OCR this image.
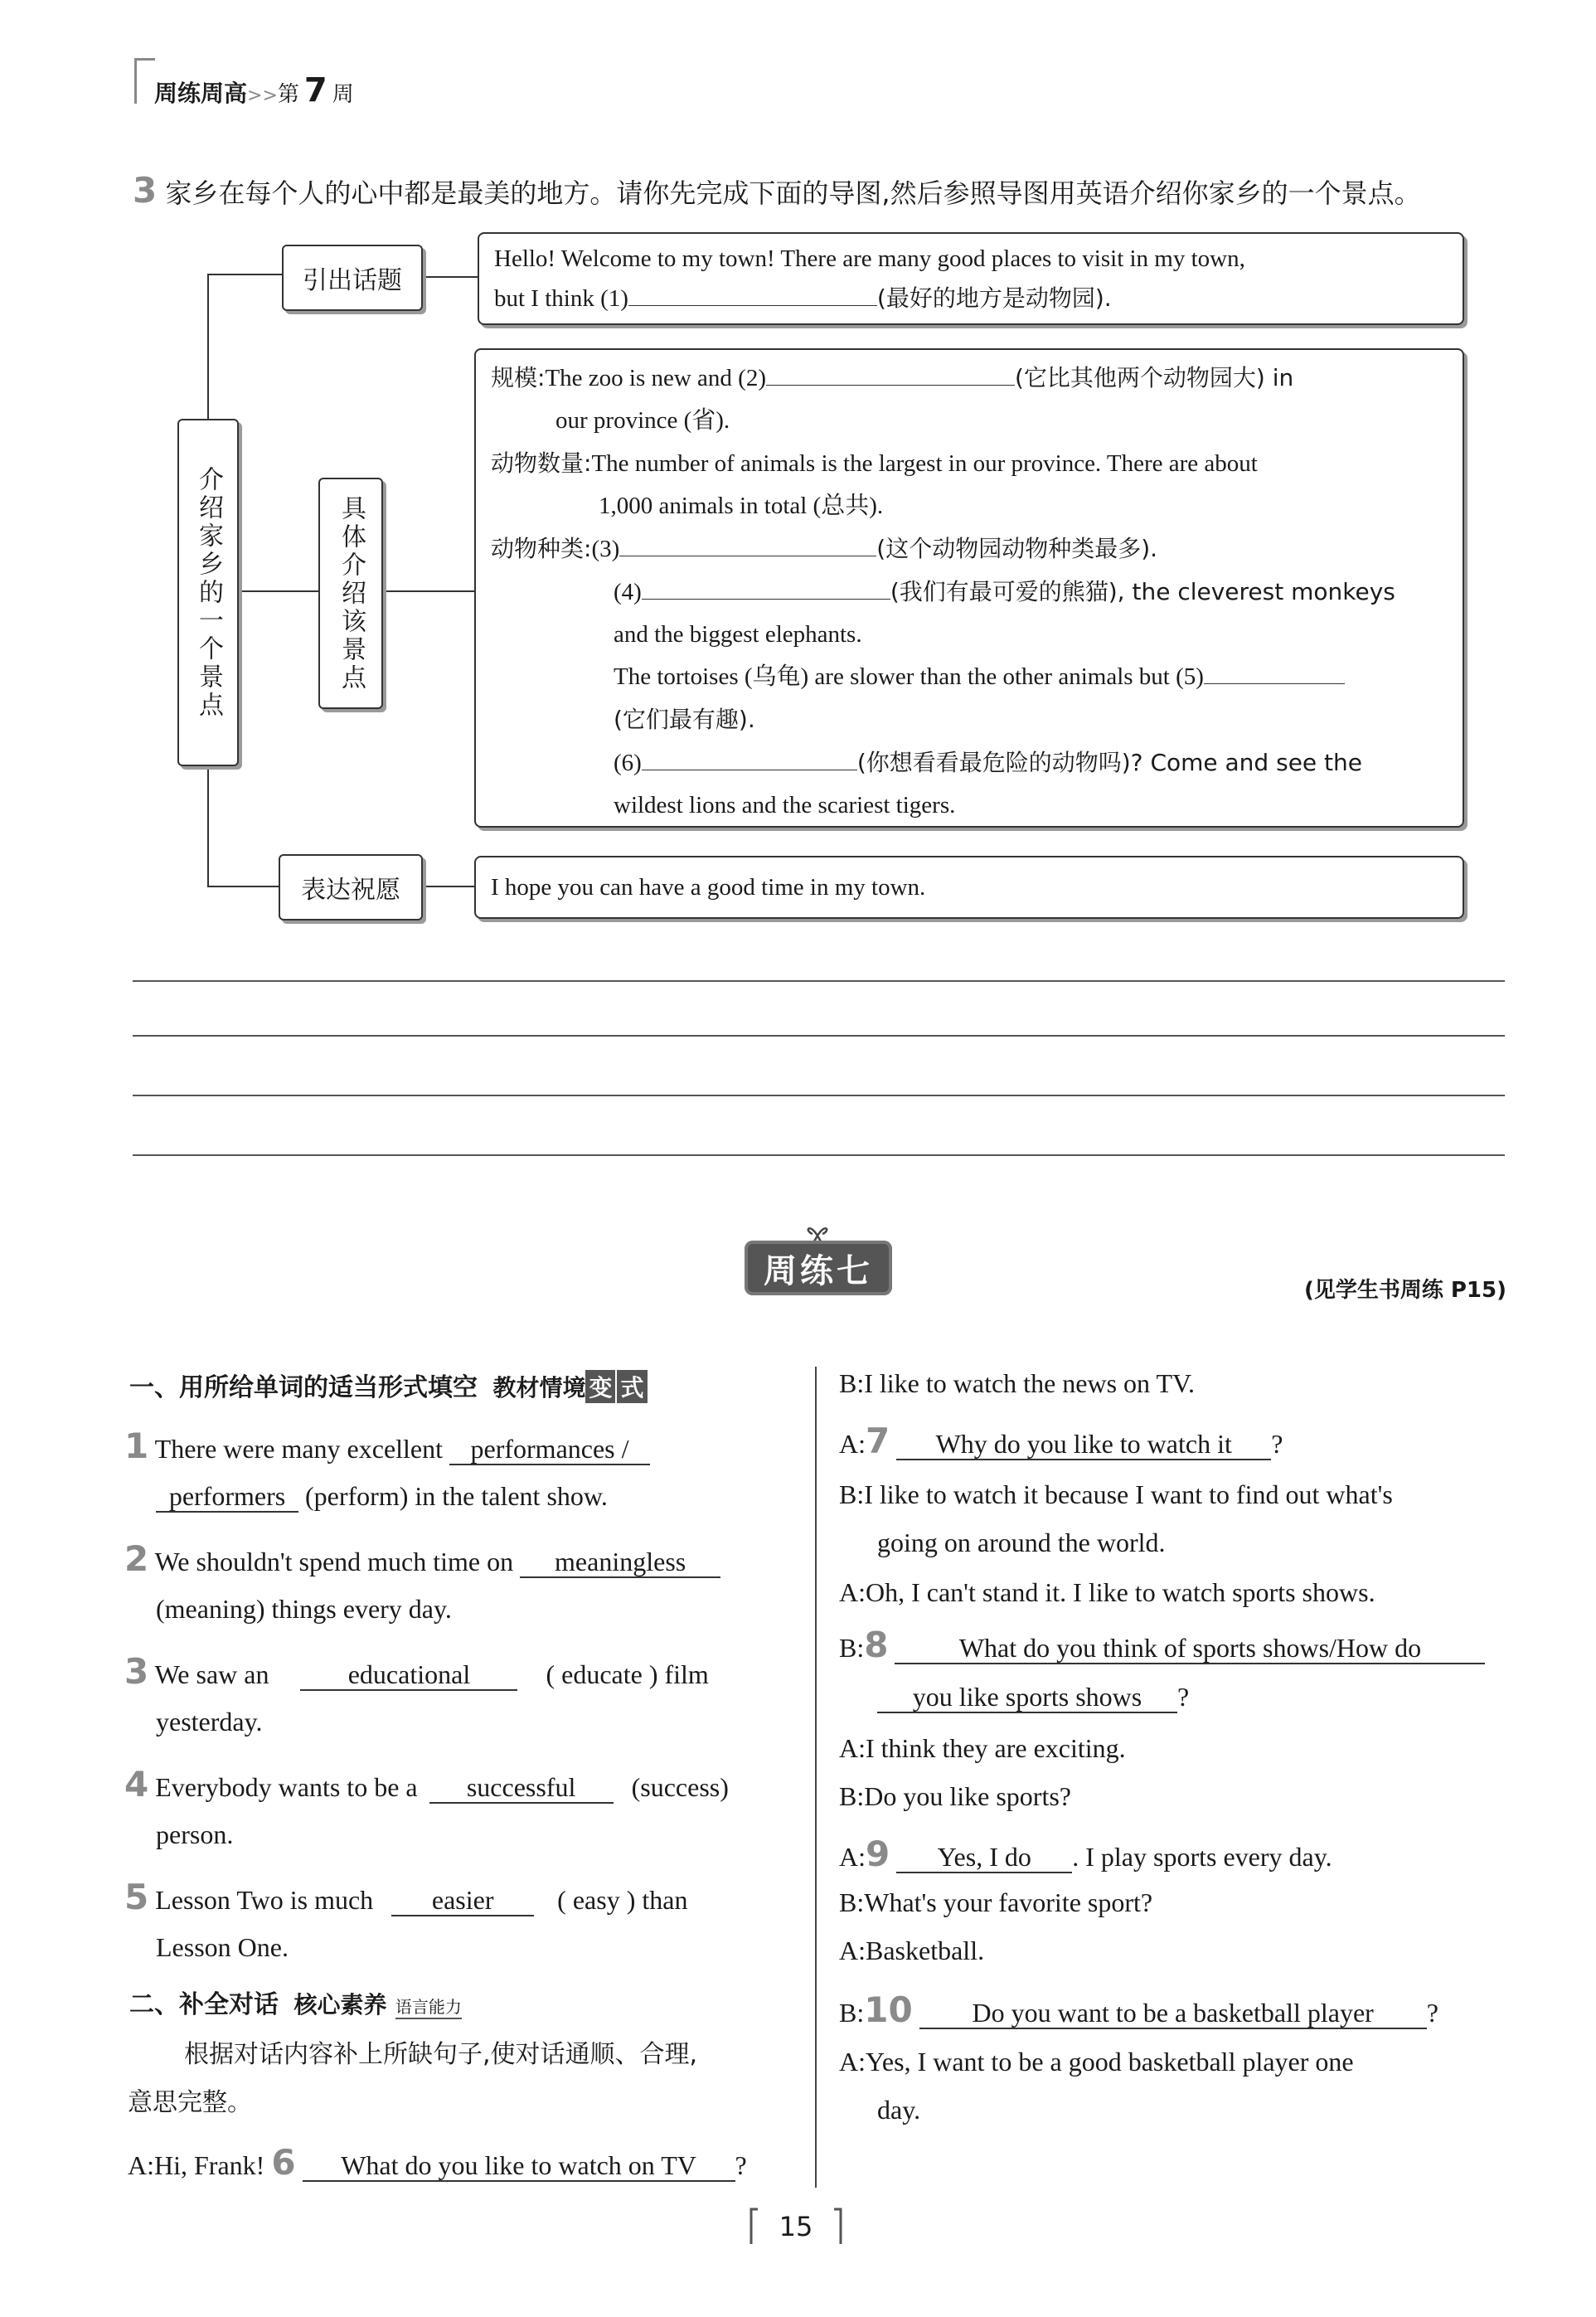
周练周高>>第 7 周
3 家乡在每个人的心中都是最美的地方。请你先完成下面的导图,然后参照导图用英语介绍你家乡的一个景点。
引出话题
介绍家乡的一个景点	具体介绍该景点
表达祝愿
Hello! Welcome to my town! There are many good places to visit in my town,
but I think (1)	(最好的地方是动物园).
规模:The zoo is new and (2)	(它比其他两个动物园大) in
our province (省).
动物数量:The number of animals is the largest in our province. There are about
1,000 animals in total (总共).
动物种类:(3)	(这个动物园动物种类最多).
(4)	(我们有最可爱的熊猫), the cleverest monkeys
and the biggest elephants.
The tortoises (乌龟) are slower than the other animals but (5)
(它们最有趣).
(6)	(你想看看最危险的动物吗)? Come and see the
wildest lions and the scariest tigers.
I hope you can have a good time in my town.
周练七
(见学生书周练 P15)
一、用所给单词的适当形式填空 教材情境 变 式
1 There were many excellent performances /
performers (perform) in the talent show.
2 We shouldn't spend much time on meaningless
(meaning) things every day.
3 We saw an	educational	( educate ) film
yesterday.
4 Everybody wants to be a successful (success)
person.
5 Lesson Two is much easier ( easy ) than
Lesson One.
二、补全对话 核心素养 语言能力
根据对话内容补上所缺句子,使对话通顺、合理,
意思完整。
A:Hi, Frank! 6 What do you like to watch on TV ?
B:I like to watch the news on TV.
A:7 Why do you like to watch it ?
B:I like to watch it because I want to find out what's
going on around the world.
A:Oh, I can't stand it. I like to watch sports shows.
B:8	What do you think of sports shows/How do
you like sports shows ?
A:I think they are exciting.
B:Do you like sports?
A:9 Yes, I do . I play sports every day.
B:What's your favorite sport?
A:Basketball.
B:10 Do you want to be a basketball player ?
A:Yes, I want to be a good basketball player one
day.
15
